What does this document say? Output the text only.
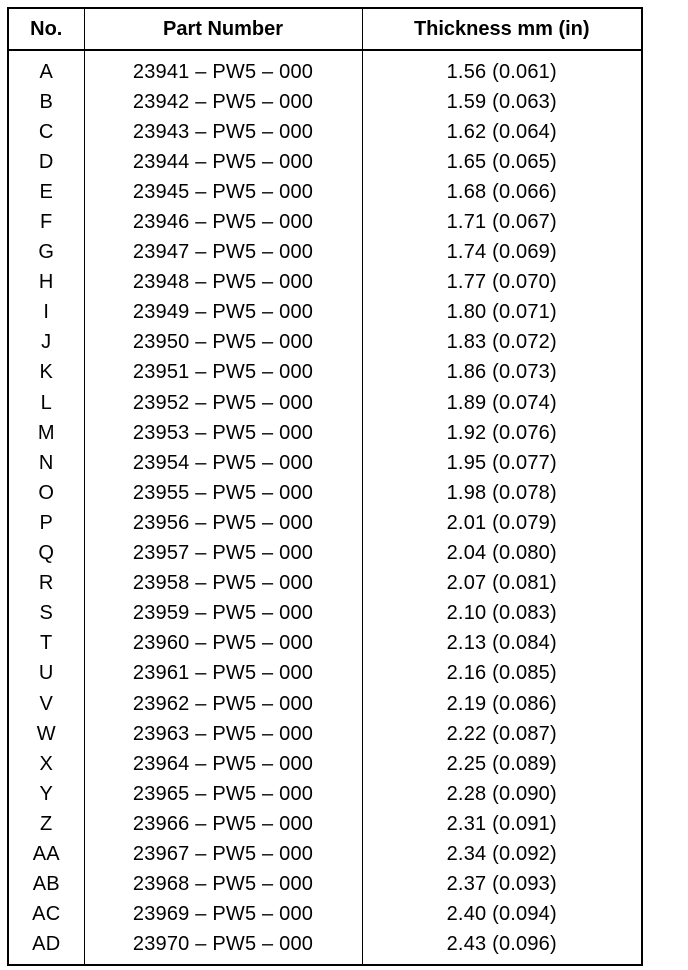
No.	Part Number	Thickness mm (in)
A	23941 – PW5 – 000	1.56 (0.061)
B	23942 – PW5 – 000	1.59 (0.063)
C	23943 – PW5 – 000	1.62 (0.064)
D	23944 – PW5 – 000	1.65 (0.065)
E	23945 – PW5 – 000	1.68 (0.066)
F	23946 – PW5 – 000	1.71 (0.067)
G	23947 – PW5 – 000	1.74 (0.069)
H	23948 – PW5 – 000	1.77 (0.070)
I	23949 – PW5 – 000	1.80 (0.071)
J	23950 – PW5 – 000	1.83 (0.072)
K	23951 – PW5 – 000	1.86 (0.073)
L	23952 – PW5 – 000	1.89 (0.074)
M	23953 – PW5 – 000	1.92 (0.076)
N	23954 – PW5 – 000	1.95 (0.077)
O	23955 – PW5 – 000	1.98 (0.078)
P	23956 – PW5 – 000	2.01 (0.079)
Q	23957 – PW5 – 000	2.04 (0.080)
R	23958 – PW5 – 000	2.07 (0.081)
S	23959 – PW5 – 000	2.10 (0.083)
T	23960 – PW5 – 000	2.13 (0.084)
U	23961 – PW5 – 000	2.16 (0.085)
V	23962 – PW5 – 000	2.19 (0.086)
W	23963 – PW5 – 000	2.22 (0.087)
X	23964 – PW5 – 000	2.25 (0.089)
Y	23965 – PW5 – 000	2.28 (0.090)
Z	23966 – PW5 – 000	2.31 (0.091)
AA	23967 – PW5 – 000	2.34 (0.092)
AB	23968 – PW5 – 000	2.37 (0.093)
AC	23969 – PW5 – 000	2.40 (0.094)
AD	23970 – PW5 – 000	2.43 (0.096)
